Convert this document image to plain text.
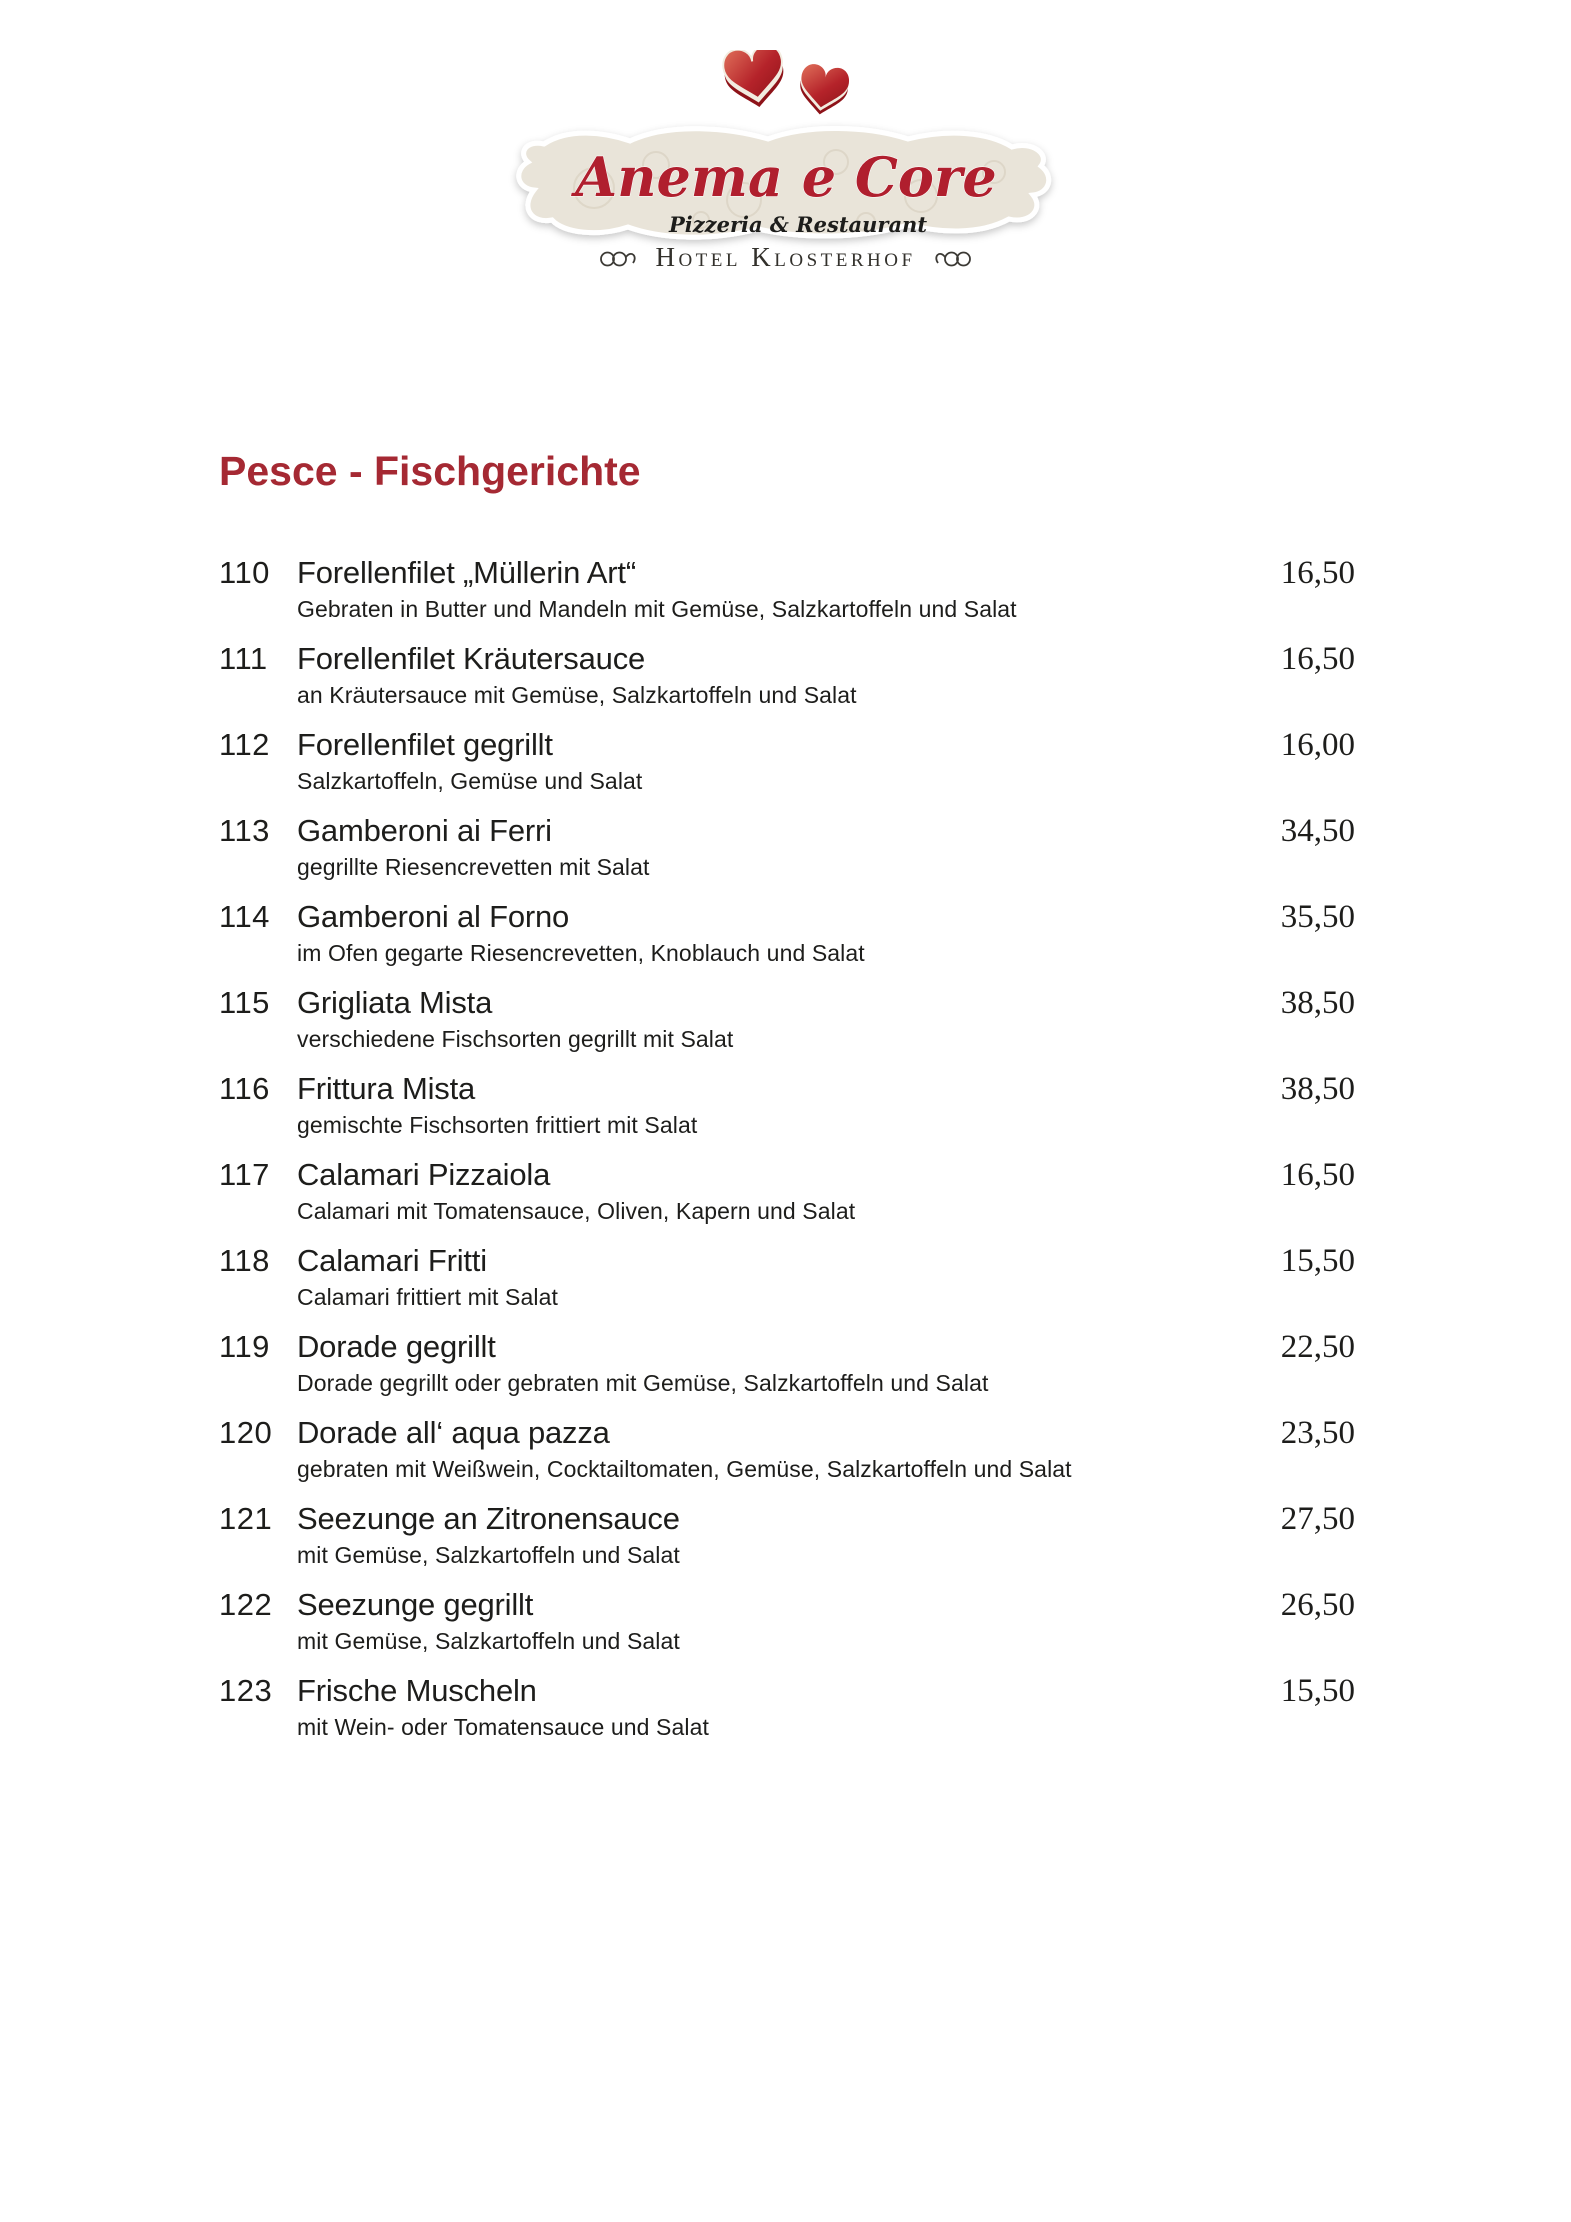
Anema e Core
Pizzeria & Restaurant
Hotel Klosterhof
Pesce - Fischgerichte
110 Forellenfilet „Müllerin Art“
Gebraten in Butter und Mandeln mit Gemüse, Salzkartoffeln und Salat
16,50
111 Forellenfilet Kräutersauce
an Kräutersauce mit Gemüse, Salzkartoffeln und Salat
16,50
112 Forellenfilet gegrillt
Salzkartoffeln, Gemüse und Salat
16,00
113 Gamberoni ai Ferri
gegrillte Riesencrevetten mit Salat
34,50
114 Gamberoni al Forno
im Ofen gegarte Riesencrevetten, Knoblauch und Salat
35,50
115 Grigliata Mista
verschiedene Fischsorten gegrillt mit Salat
38,50
116 Frittura Mista
gemischte Fischsorten frittiert mit Salat
38,50
117 Calamari Pizzaiola
Calamari mit Tomatensauce, Oliven, Kapern und Salat
16,50
118 Calamari Fritti
Calamari frittiert mit Salat
15,50
119 Dorade gegrillt
Dorade gegrillt oder gebraten mit Gemüse, Salzkartoffeln und Salat
22,50
120 Dorade all‘ aqua pazza
gebraten mit Weißwein, Cocktailtomaten, Gemüse, Salzkartoffeln und Salat
23,50
121 Seezunge an Zitronensauce
mit Gemüse, Salzkartoffeln und Salat
27,50
122 Seezunge gegrillt
mit Gemüse, Salzkartoffeln und Salat
26,50
123 Frische Muscheln
mit Wein- oder Tomatensauce und Salat
15,50
